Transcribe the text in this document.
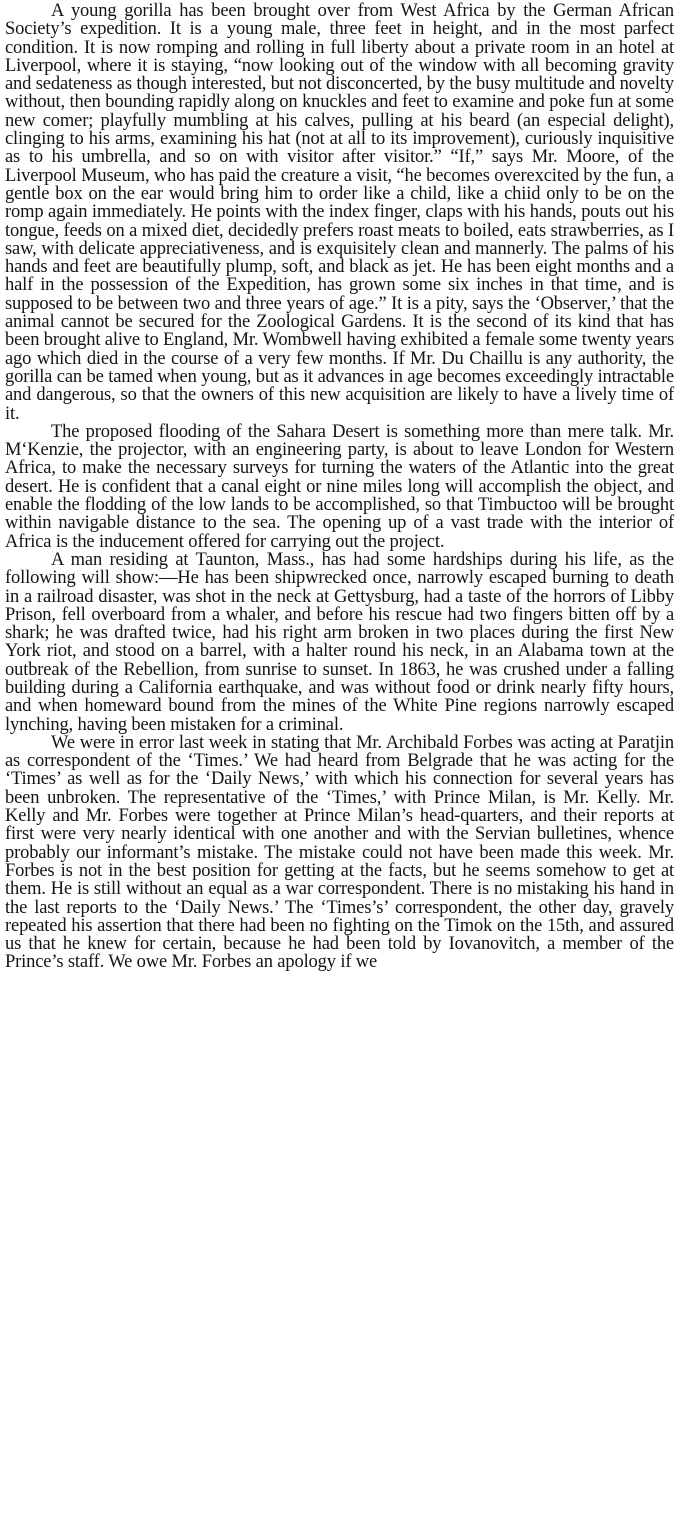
A young gorilla has been brought over from West Africa by the German African Society’s expedition. It is a young male, three feet in height, and in the most parfect condition. It is now romping and rolling in full liberty about a private room in an hotel at Liverpool, where it is staying, “now looking out of the window with all becoming gravity and sedateness as though interested, but not disconcerted, by the busy multitude and novelty without, then bounding rapidly along on knuckles and feet to examine and poke fun at some new comer; playfully mumbling at his calves, pulling at his beard (an especial delight), clinging to his arms, examining his hat (not at all to its improvement), curiously inquisitive as to his umbrella, and so on with visitor after visitor.” “If,” says Mr. Moore, of the Liverpool Museum, who has paid the creature a visit, “he becomes overexcited by the fun, a gentle box on the ear would bring him to order like a child, like a chiid only to be on the romp again immediately. He points with the index finger, claps with his hands, pouts out his tongue, feeds on a mixed diet, decidedly prefers roast meats to boiled, eats strawberries, as I saw, with delicate appreciativeness, and is exquisitely clean and mannerly. The palms of his hands and feet are beautifully plump, soft, and black as jet. He has been eight months and a half in the possession of the Expedition, has grown some six inches in that time, and is supposed to be between two and three years of age.” It is a pity, says the ‘Observer,’ that the animal cannot be secured for the Zoological Gardens. It is the second of its kind that has been brought alive to England, Mr. Wombwell having exhibited a female some twenty years ago which died in the course of a very few months. If Mr. Du Chaillu is any authority, the gorilla can be tamed when young, but as it advances in age becomes exceedingly intractable and dangerous, so that the owners of this new acquisition are likely to have a lively time of it.

The proposed flooding of the Sahara Desert is something more than mere talk. Mr. M‘Kenzie, the projector, with an engineering party, is about to leave London for Western Africa, to make the necessary surveys for turning the waters of the Atlantic into the great desert. He is confident that a canal eight or nine miles long will accomplish the object, and enable the flodding of the low lands to be accomplished, so that Timbuctoo will be brought within navigable distance to the sea. The opening up of a vast trade with the interior of Africa is the inducement offered for carrying out the project.

A man residing at Taunton, Mass., has had some hardships during his life, as the following will show:—He has been shipwrecked once, narrowly escaped burning to death in a railroad disaster, was shot in the neck at Gettysburg, had a taste of the horrors of Libby Prison, fell overboard from a whaler, and before his rescue had two fingers bitten off by a shark; he was drafted twice, had his right arm broken in two places during the first New York riot, and stood on a barrel, with a halter round his neck, in an Alabama town at the outbreak of the Rebellion, from sunrise to sunset. In 1863, he was crushed under a falling building during a California earthquake, and was without food or drink nearly fifty hours, and when homeward bound from the mines of the White Pine regions narrowly escaped lynching, having been mistaken for a criminal.

We were in error last week in stating that Mr. Archibald Forbes was acting at Paratjin as correspondent of the ‘Times.’ We had heard from Belgrade that he was acting for the ‘Times’ as well as for the ‘Daily News,’ with which his connection for several years has been unbroken. The representative of the ‘Times,’ with Prince Milan, is Mr. Kelly. Mr. Kelly and Mr. Forbes were together at Prince Milan’s head-quarters, and their reports at first were very nearly identical with one another and with the Servian bulletines, whence probably our informant’s mistake. The mistake could not have been made this week. Mr. Forbes is not in the best position for getting at the facts, but he seems somehow to get at them. He is still without an equal as a war correspondent. There is no mistaking his hand in the last reports to the ‘Daily News.’ The ‘Times’s’ correspondent, the other day, gravely repeated his assertion that there had been no fighting on the Timok on the 15th, and assured us that he knew for certain, because he had been told by Iovanovitch, a member of the Prince’s staff. We owe Mr. Forbes an apology if we
